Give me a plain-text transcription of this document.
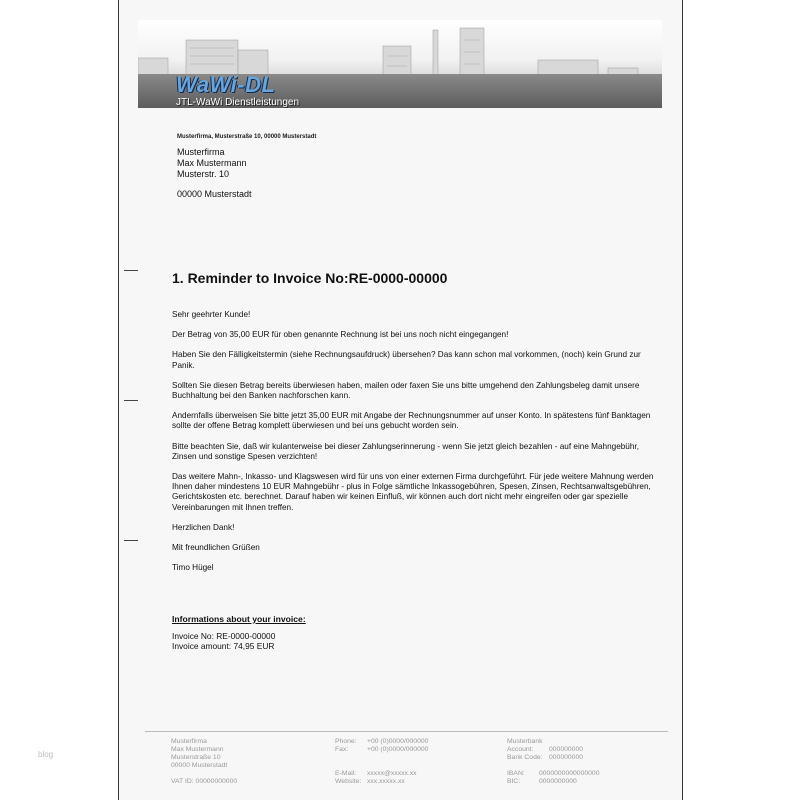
WaWi-DL
JTL-WaWi Dienstleistungen
Musterfirma, Musterstraße 10, 00000 Musterstadt
Musterfirma
Max Mustermann
Musterstr. 10
00000 Musterstadt
1. Reminder to Invoice No:RE-0000-00000

Sehr geehrter Kunde!

Der Betrag von 35,00 EUR für oben genannte Rechnung ist bei uns noch nicht eingegangen!

Haben Sie den Fälligkeitstermin (siehe Rechnungsaufdruck) übersehen? Das kann schon mal vorkommen, (noch) kein Grund zur Panik.

Sollten Sie diesen Betrag bereits überwiesen haben, mailen oder faxen Sie uns bitte umgehend den Zahlungsbeleg damit unsere Buchhaltung bei den Banken nachforschen kann.

Andernfalls überweisen Sie bitte jetzt 35,00 EUR mit Angabe der Rechnungsnummer auf unser Konto. In spätestens fünf Banktagen sollte der offene Betrag komplett überwiesen und bei uns gebucht worden sein.

Bitte beachten Sie, daß wir kulanterweise bei dieser Zahlungserinnerung - wenn Sie jetzt gleich bezahlen - auf eine Mahngebühr, Zinsen und sonstige Spesen verzichten!

Das weitere Mahn-, Inkasso- und Klagswesen wird für uns von einer externen Firma durchgeführt. Für jede weitere Mahnung werden Ihnen daher mindestens 10 EUR Mahngebühr - plus in Folge sämtliche Inkassogebühren, Spesen, Zinsen, Rechtsanwaltsgebühren, Gerichtskosten etc. berechnet. Darauf haben wir keinen Einfluß, wir können auch dort nicht mehr eingreifen oder gar spezielle Vereinbarungen mit Ihnen treffen.

Herzlichen Dank!

Mit freundlichen Grüßen

Timo Hügel

Informations about your invoice:
Invoice No: RE-0000-00000
Invoice amount: 74,95 EUR
Musterfirma
Max Mustermann
Musterstraße 10
00000 Musterstadt
VAT ID: 00000000000
Phone: +00 (0)0000/000000
Fax:	+00 (0)0000/000000
E-Mail: xxxxx@xxxxx.xx
Website: xxx.xxxxx.xx
Musterbank
Account: 000000000
Bank Code: 000000000
IBAN: 0000000000000000
BIC:	0000000000
blog
